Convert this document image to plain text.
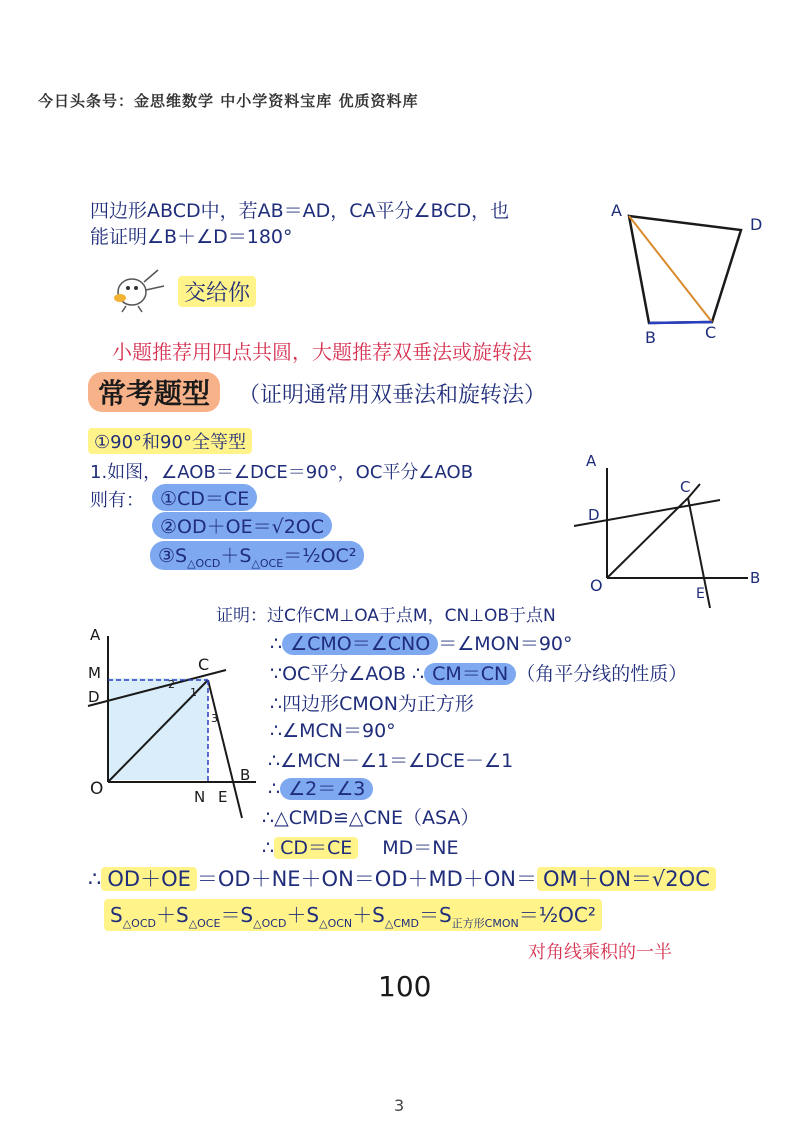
今日头条号：金思维数学 中小学资料宝库 优质资料库
四边形ABCD中，若AB＝AD，CA平分∠BCD，也
能证明∠B＋∠D＝180°
A
D
B	C
交给你
小题推荐用四点共圆，大题推荐双垂法或旋转法
常考题型	（证明通常用双垂法和旋转法）
①90°和90°全等型
1.如图，∠AOB＝∠DCE＝90°，OC平分∠AOB
则有： ①CD＝CE
②OD＋OE＝√2OC
$③S_{\triangle OCD}+S_{\triangle OCE}=\frac{1}{2}OC^2$
A
D
C
O	B
E
证明：过C作CM⊥OA于点M，CN⊥OB于点N
∴ ∠CMO＝∠CNO ＝∠MON＝90°
∵OC平分∠AOB ∴ CM＝CN （角平分线的性质）
∴四边形CMON为正方形
∴∠MCN＝90°
∴∠MCN－∠1＝∠DCE－∠1
∴ ∠2＝∠3
∴△CMD≌△CNE（ASA）
∴ CD＝CE MD＝NE
A
M
D
C
O	N E
B
1
2
3
∴ OD＋OE ＝OD＋NE＋ON＝OD＋MD＋ON＝ OM＋ON＝√2OC
$S_{\triangle OCD}+S_{\triangle OCE}=S_{\triangle OCD}+S_{\triangle OCN}+S_{\triangle CMD}=S_{正方形CMON}=\frac{1}{2}OC^2$
对角线乘积的一半
100
3
